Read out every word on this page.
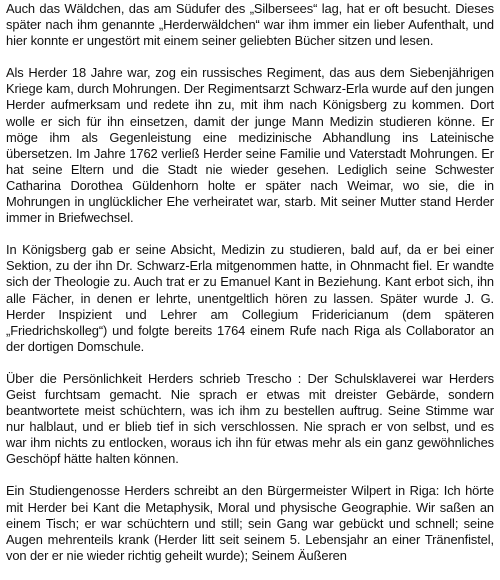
Auch das Wäldchen, das am Südufer des „Silbersees“ lag, hat er oft besucht. Dieses später nach ihm genannte „Herderwäldchen“ war ihm immer ein lieber Aufenthalt, und hier konnte er ungestört mit einem seiner geliebten Bücher sitzen und lesen.

Als Herder 18 Jahre war, zog ein russisches Regiment, das aus dem Siebenjährigen Kriege kam, durch Mohrungen. Der Regimentsarzt Schwarz-Erla wurde auf den jungen Herder aufmerksam und redete ihn zu, mit ihm nach Königsberg zu kommen. Dort wolle er sich für ihn einsetzen, damit der junge Mann Medizin studieren könne. Er möge ihm als Gegenleistung eine medizinische Abhandlung ins Lateinische übersetzen. Im Jahre 1762 verließ Herder seine Familie und Vaterstadt Mohrungen. Er hat seine Eltern und die Stadt nie wieder gesehen. Lediglich seine Schwester Catharina Dorothea Güldenhorn holte er später nach Weimar, wo sie, die in Mohrungen in unglücklicher Ehe verheiratet war, starb. Mit seiner Mutter stand Herder immer in Briefwechsel.

In Königsberg gab er seine Absicht, Medizin zu studieren, bald auf, da er bei einer Sektion, zu der ihn Dr. Schwarz-Erla mitgenommen hatte, in Ohnmacht fiel. Er wandte sich der Theologie zu. Auch trat er zu Emanuel Kant in Beziehung. Kant erbot sich, ihn alle Fächer, in denen er lehrte, unentgeltlich hören zu lassen. Später wurde J. G. Herder Inspizient und Lehrer am Collegium Fridericianum (dem späteren „Friedrichskolleg“) und folgte bereits 1764 einem Rufe nach Riga als Collaborator an der dortigen Domschule.

Über die Persönlichkeit Herders schrieb Trescho : Der Schulsklaverei war Herders Geist furchtsam gemacht. Nie sprach er etwas mit dreister Gebärde, sondern beantwortete meist schüchtern, was ich ihm zu bestellen auftrug. Seine Stimme war nur halblaut, und er blieb tief in sich verschlossen. Nie sprach er von selbst, und es war ihm nichts zu entlocken, woraus ich ihn für etwas mehr als ein ganz gewöhnliches Geschöpf hätte halten können.

Ein Studiengenosse Herders schreibt an den Bürgermeister Wilpert in Riga: Ich hörte mit Herder bei Kant die Metaphysik, Moral und physische Geographie. Wir saßen an einem Tisch; er war schüchtern und still; sein Gang war gebückt und schnell; seine Augen mehrenteils krank (Herder litt seit seinem 5. Lebensjahr an einer Tränenfistel, von der er nie wieder richtig geheilt wurde); Seinem Äußeren
